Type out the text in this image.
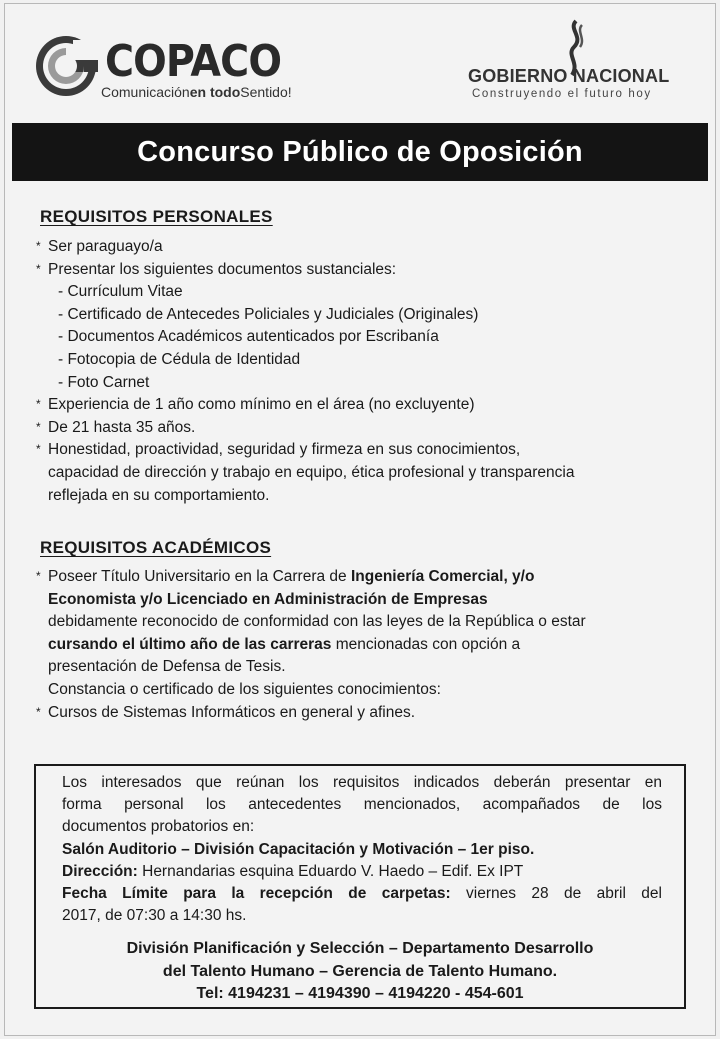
COPACO
Comunicaciónen todoSentido!
GOBIERNO NACIONAL
Construyendo el futuro hoy
Concurso Público de Oposición
REQUISITOS PERSONALES
* Ser paraguayo/a
* Presentar los siguientes documentos sustanciales:
- Currículum Vitae
- Certificado de Antecedes Policiales y Judiciales (Originales)
- Documentos Académicos autenticados por Escribanía
- Fotocopia de Cédula de Identidad
- Foto Carnet
* Experiencia de 1 año como mínimo en el área (no excluyente)
* De 21 hasta 35 años.
* Honestidad, proactividad, seguridad y firmeza en sus conocimientos,
capacidad de dirección y trabajo en equipo, ética profesional y transparencia
reflejada en su comportamiento.
REQUISITOS ACADÉMICOS
* Poseer Título Universitario en la Carrera de Ingeniería Comercial, y/o
Economista y/o Licenciado en Administración de Empresas
debidamente reconocido de conformidad con las leyes de la República o estar
cursando el último año de las carreras mencionadas con opción a
presentación de Defensa de Tesis.
Constancia o certificado de los siguientes conocimientos:
* Cursos de Sistemas Informáticos en general y afines.
Los interesados que reúnan los requisitos indicados deberán presentar en
forma personal los antecedentes mencionados, acompañados de los
documentos probatorios en:
Salón Auditorio – División Capacitación y Motivación – 1er piso.
Dirección: Hernandarias esquina Eduardo V. Haedo – Edif. Ex IPT
Fecha Límite para la recepción de carpetas: viernes 28 de abril del
2017, de 07:30 a 14:30 hs.
División Planificación y Selección – Departamento Desarrollo
del Talento Humano – Gerencia de Talento Humano.
Tel: 4194231 – 4194390 – 4194220 - 454-601
